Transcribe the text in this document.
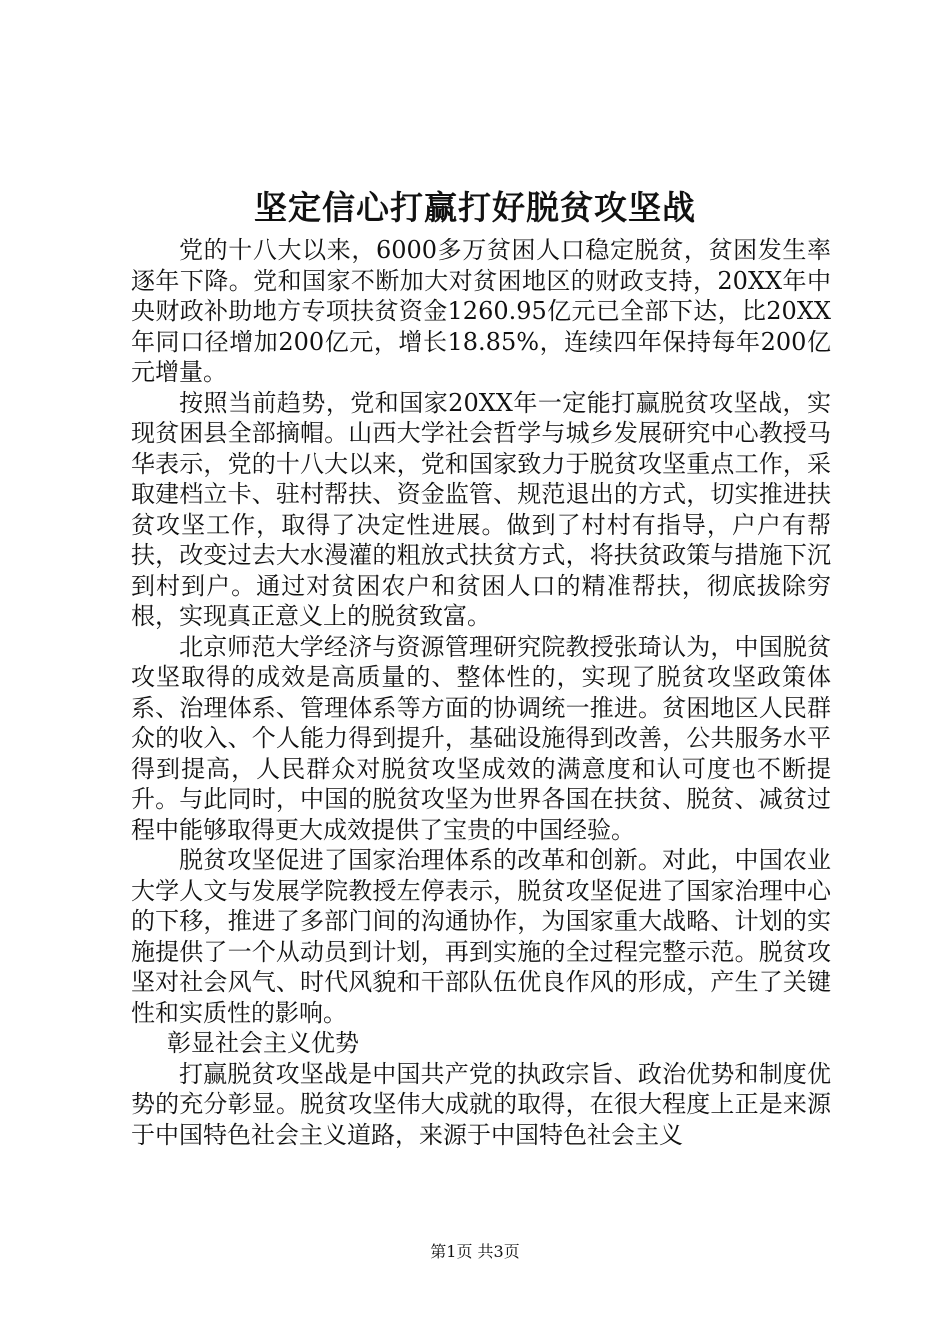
坚定信心打赢打好脱贫攻坚战

党的十八大以来，6000多万贫困人口稳定脱贫，贫困发生率逐年下降。党和国家不断加大对贫困地区的财政支持，20XX年中央财政补助地方专项扶贫资金1260.95亿元已全部下达，比20XX年同口径增加200亿元，增长18.85%，连续四年保持每年200亿元增量。

按照当前趋势，党和国家20XX年一定能打赢脱贫攻坚战，实现贫困县全部摘帽。山西大学社会哲学与城乡发展研究中心教授马华表示，党的十八大以来，党和国家致力于脱贫攻坚重点工作，采取建档立卡、驻村帮扶、资金监管、规范退出的方式，切实推进扶贫攻坚工作，取得了决定性进展。做到了村村有指导，户户有帮扶，改变过去大水漫灌的粗放式扶贫方式，将扶贫政策与措施下沉到村到户。通过对贫困农户和贫困人口的精准帮扶，彻底拔除穷根，实现真正意义上的脱贫致富。

北京师范大学经济与资源管理研究院教授张琦认为，中国脱贫攻坚取得的成效是高质量的、整体性的，实现了脱贫攻坚政策体系、治理体系、管理体系等方面的协调统一推进。贫困地区人民群众的收入、个人能力得到提升，基础设施得到改善，公共服务水平得到提高，人民群众对脱贫攻坚成效的满意度和认可度也不断提升。与此同时，中国的脱贫攻坚为世界各国在扶贫、脱贫、减贫过程中能够取得更大成效提供了宝贵的中国经验。

脱贫攻坚促进了国家治理体系的改革和创新。对此，中国农业大学人文与发展学院教授左停表示，脱贫攻坚促进了国家治理中心的下移，推进了多部门间的沟通协作，为国家重大战略、计划的实施提供了一个从动员到计划，再到实施的全过程完整示范。脱贫攻坚对社会风气、时代风貌和干部队伍优良作风的形成，产生了关键性和实质性的影响。

彰显社会主义优势

打赢脱贫攻坚战是中国共产党的执政宗旨、政治优势和制度优势的充分彰显。脱贫攻坚伟大成就的取得，在很大程度上正是来源于中国特色社会主义道路，来源于中国特色社会主义

第1页 共3页
